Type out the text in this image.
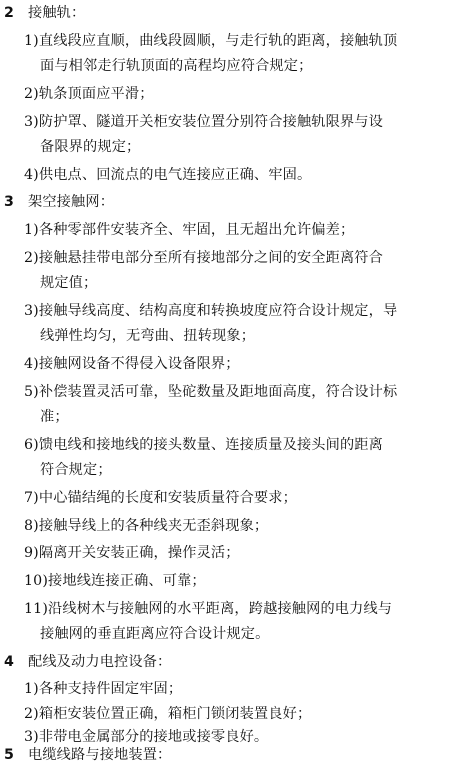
2 接触轨：
1)直线段应直顺，曲线段圆顺，与走行轨的距离，接触轨顶
面与相邻走行轨顶面的高程均应符合规定；
2)轨条顶面应平滑；
3)防护罩、隧道开关柜安装位置分别符合接触轨限界与设
备限界的规定；
4)供电点、回流点的电气连接应正确、牢固。
3 架空接触网：
1)各种零部件安装齐全、牢固，且无超出允许偏差；
2)接触悬挂带电部分至所有接地部分之间的安全距离符合
规定值；
3)接触导线高度、结构高度和转换坡度应符合设计规定，导
线弹性均匀，无弯曲、扭转现象；
4)接触网设备不得侵入设备限界；
5)补偿装置灵活可靠，坠砣数量及距地面高度，符合设计标
准；
6)馈电线和接地线的接头数量、连接质量及接头间的距离
符合规定；
7)中心锚结绳的长度和安装质量符合要求；
8)接触导线上的各种线夹无歪斜现象；
9)隔离开关安装正确，操作灵活；
10)接地线连接正确、可靠；
11)沿线树木与接触网的水平距离，跨越接触网的电力线与
接触网的垂直距离应符合设计规定。
4 配线及动力电控设备：
1)各种支持件固定牢固；
2)箱柜安装位置正确，箱柜门锁闭装置良好；
3)非带电金属部分的接地或接零良好。
5 电缆线路与接地装置：
